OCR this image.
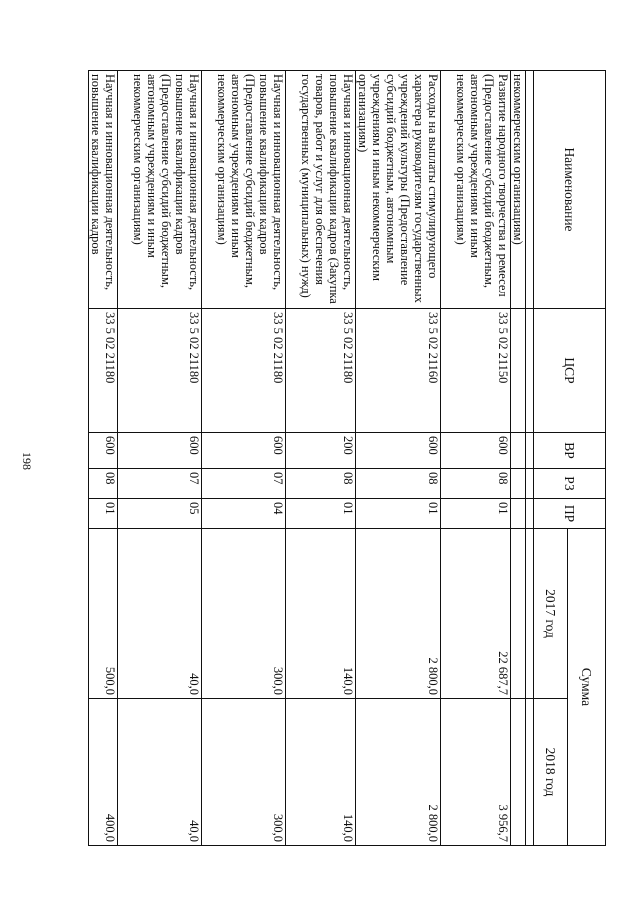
198
Наименование	ЦСР	ВР	РЗ	ПР	Сумма	
					2017 год	2018 год

некоммерческим организациям)						
Развитие народного творчества и ремесел (Предоставление субсидий бюджетным, автономным учреждениям и иным некоммерческим организациям)	33 5 02 21150	600	08	01	22 687,7	3 956,7
Расходы на выплаты стимулирующего характера руководителям государственных учреждений культуры (Предоставление субсидий бюджетным, автономным учреждениям и иным некоммерческим организациям)	33 5 02 21160	600	08	01	2 800,0	2 800,0
Научная и инновационная деятельность, повышение квалификации кадров (Закупка товаров, работ и услуг для обеспечения государственных (муниципальных) нужд)	33 5 02 21180	200	08	01	140,0	140,0
Научная и инновационная деятельность, повышение квалификации кадров (Предоставление субсидий бюджетным, автономным учреждениям и иным некоммерческим организациям)	33 5 02 21180	600	07	04	300,0	300,0
Научная и инновационная деятельность, повышение квалификации кадров (Предоставление субсидий бюджетным, автономным учреждениям и иным некоммерческим организациям)	33 5 02 21180	600	07	05	40,0	40,0
Научная и инновационная деятельность, повышение квалификации кадров	33 5 02 21180	600	08	01	500,0	400,0
